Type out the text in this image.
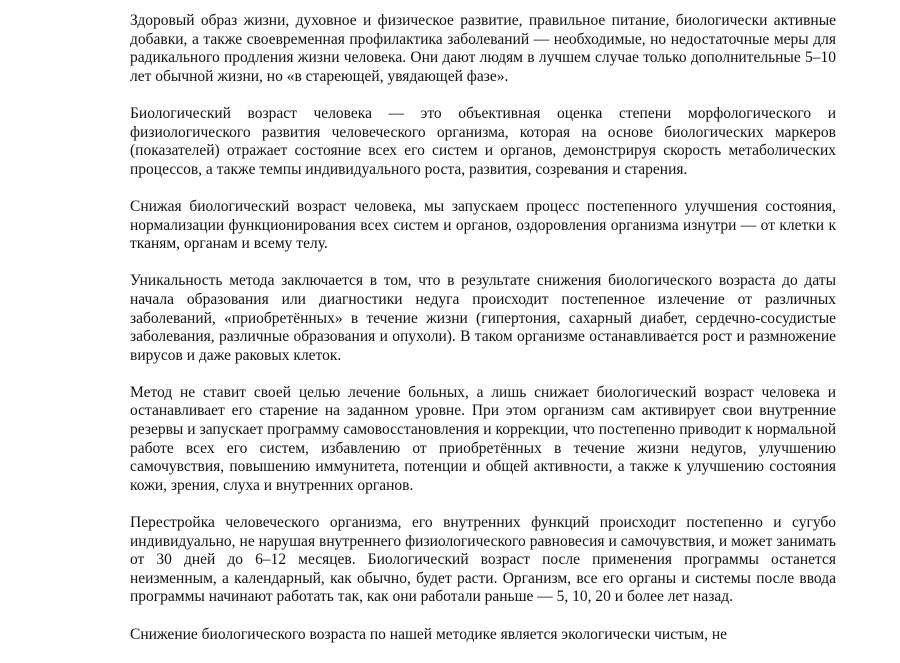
Здоровый образ жизни, духовное и физическое развитие, правильное питание, биологически активные добавки, а также своевременная профилактика заболеваний — необходимые, но недостаточные меры для радикального продления жизни человека. Они дают людям в лучшем случае только дополнительные 5–10 лет обычной жизни, но «в стареющей, увядающей фазе».

Биологический возраст человека — это объективная оценка степени морфологического и физиологического развития человеческого организма, которая на основе биологических маркеров (показателей) отражает состояние всех его систем и органов, демонстрируя скорость метаболических процессов, а также темпы индивидуального роста, развития, созревания и старения.

Снижая биологический возраст человека, мы запускаем процесс постепенного улучшения состояния, нормализации функционирования всех систем и органов, оздоровления организма изнутри — от клетки к тканям, органам и всему телу.

Уникальность метода заключается в том, что в результате снижения биологического возраста до даты начала образования или диагностики недуга происходит постепенное излечение от различных заболеваний, «приобретённых» в течение жизни (гипертония, сахарный диабет, сердечно-сосудистые заболевания, различные образования и опухоли). В таком организме останавливается рост и размножение вирусов и даже раковых клеток.

Метод не ставит своей целью лечение больных, а лишь снижает биологический возраст человека и останавливает его старение на заданном уровне. При этом организм сам активирует свои внутренние резервы и запускает программу самовосстановления и коррекции, что постепенно приводит к нормальной работе всех его систем, избавлению от приобретённых в течение жизни недугов, улучшению самочувствия, повышению иммунитета, потенции и общей активности, а также к улучшению состояния кожи, зрения, слуха и внутренних органов.

Перестройка человеческого организма, его внутренних функций происходит постепенно и сугубо индивидуально, не нарушая внутреннего физиологического равновесия и самочувствия, и может занимать от 30 дней до 6–12 месяцев. Биологический возраст после применения программы останется неизменным, а календарный, как обычно, будет расти. Организм, все его органы и системы после ввода программы начинают работать так, как они работали раньше — 5, 10, 20 и более лет назад.

Снижение биологического возраста по нашей методике является экологически чистым, не
